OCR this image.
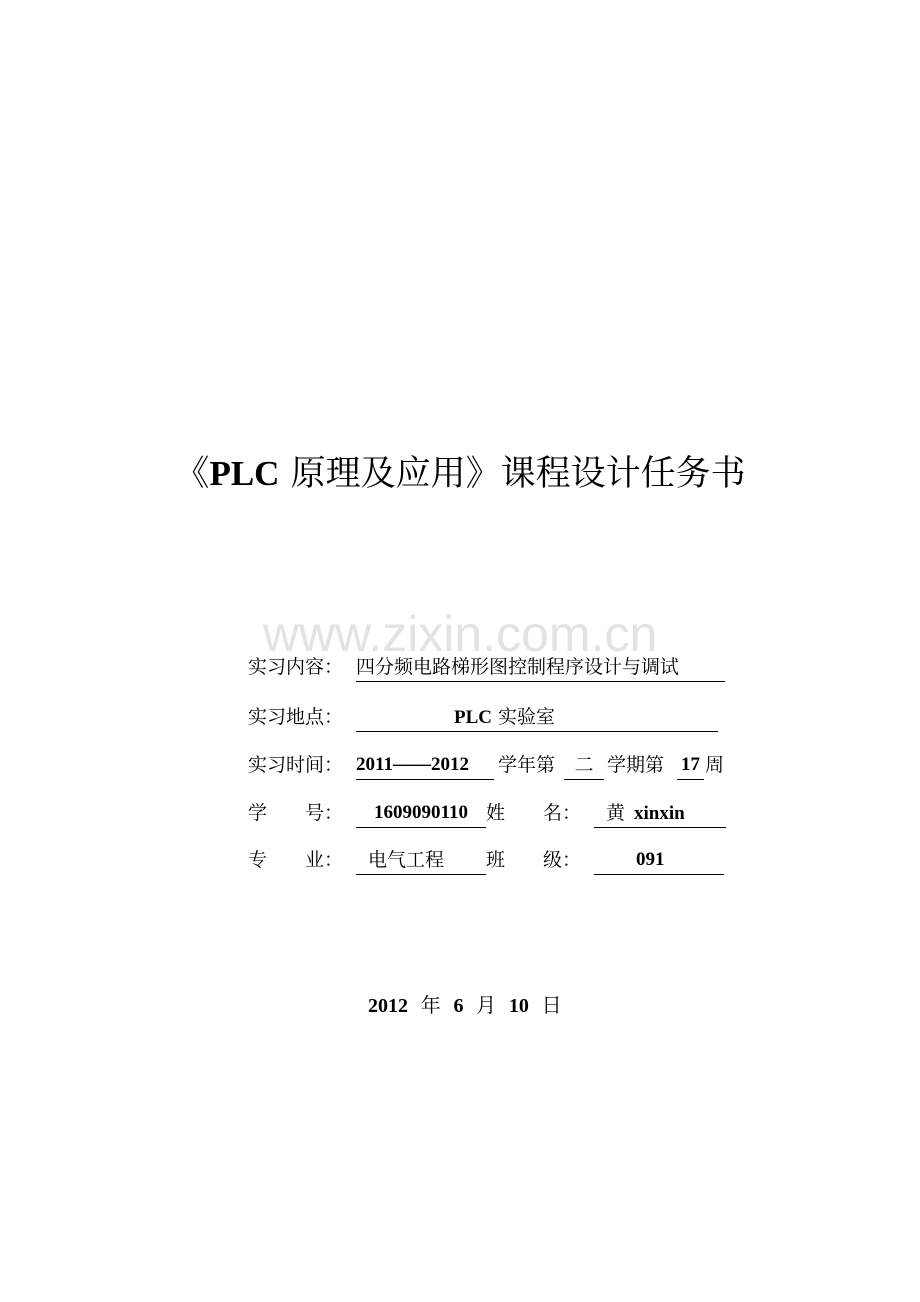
《PLC 原理及应用》课程设计任务书
www.zixin.com.cn
实习内容： 四分频电路梯形图控制程序设计与调试
实习地点：	PLC 实验室
实习时间： 2011——2012	学年第	二 学期第 17 周
学　　号：	1609090110 姓　　名：	黄 xinxin
专　　业：	电气工程	班　　级：	091
2012 年 6 月 10 日
